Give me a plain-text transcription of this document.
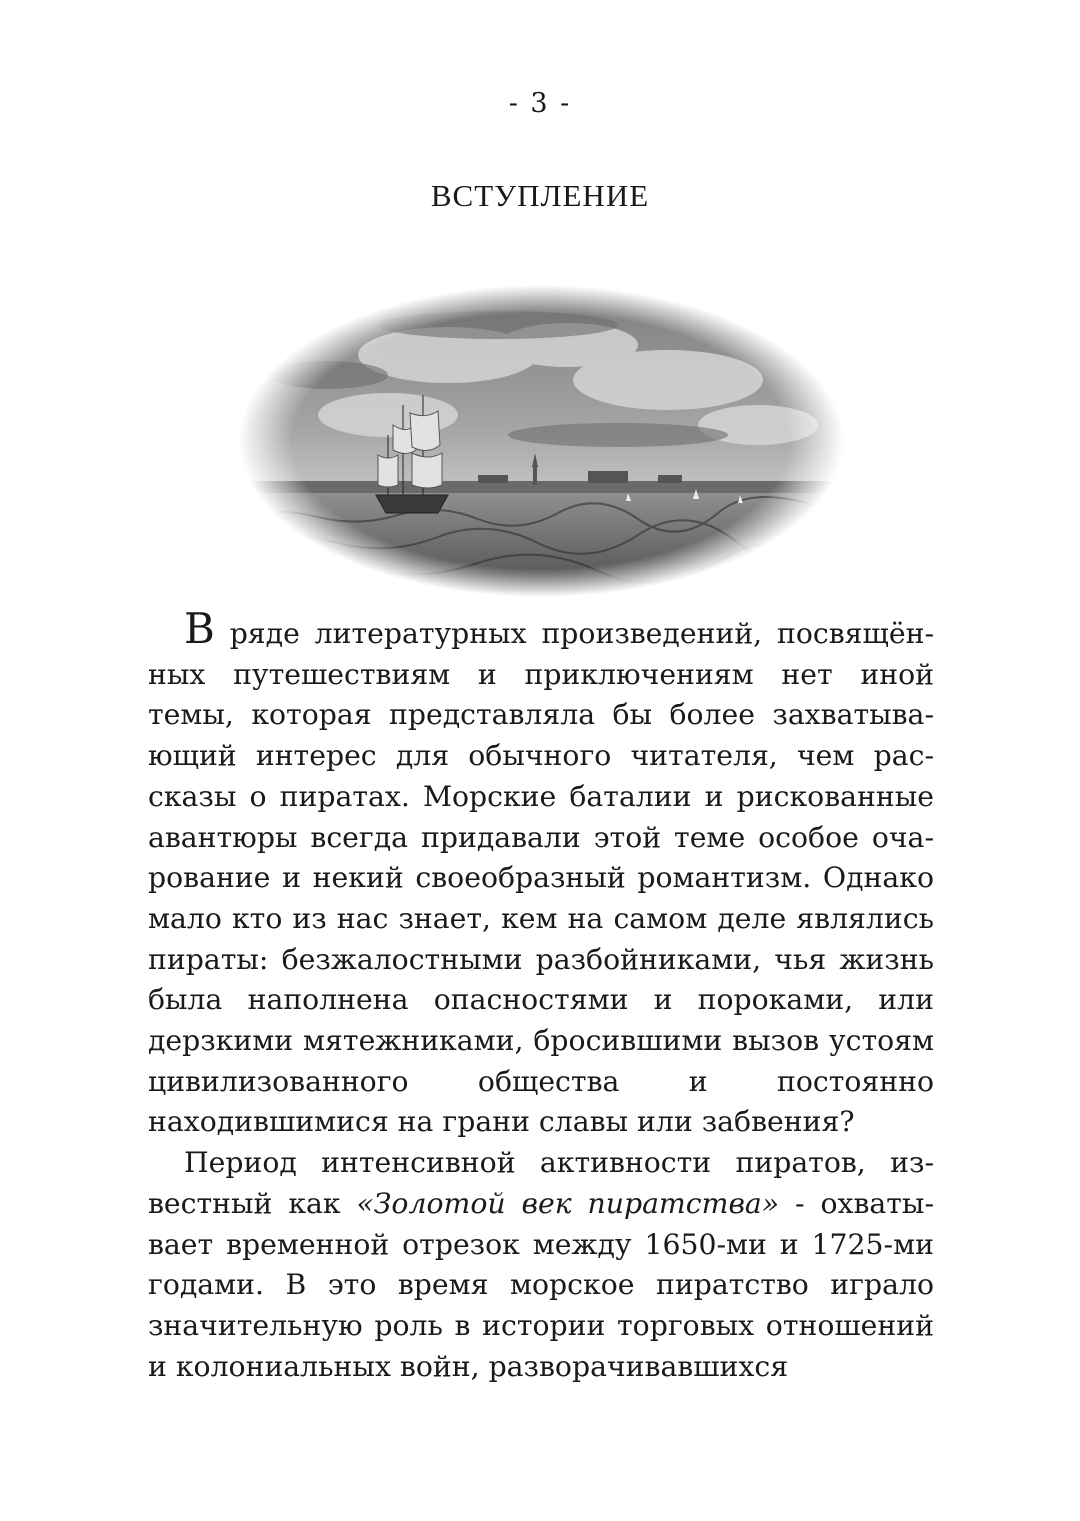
- 3 -
ВСТУПЛЕНИЕ

В ряде литературных произведений, посвящённых путешествиям и приключениям нет иной темы, которая представляла бы более захватывающий интерес для обычного читателя, чем рассказы о пиратах. Морские баталии и рискованные авантюры всегда придавали этой теме особое очарование и некий своеобразный романтизм. Однако мало кто из нас знает, кем на самом деле являлись пираты: безжалостными разбойниками, чья жизнь была наполнена опасностями и пороками, или дерзкими мятежниками, бросившими вызов устоям цивилизованного общества и постоянно находившимися на грани славы или забвения?

Период интенсивной активности пиратов, известный как «Золотой век пиратства» - охватывает временной отрезок между 1650-ми и 1725-ми годами. В это время морское пиратство играло значительную роль в истории торговых отношений и колониальных войн, разворачивавшихся
